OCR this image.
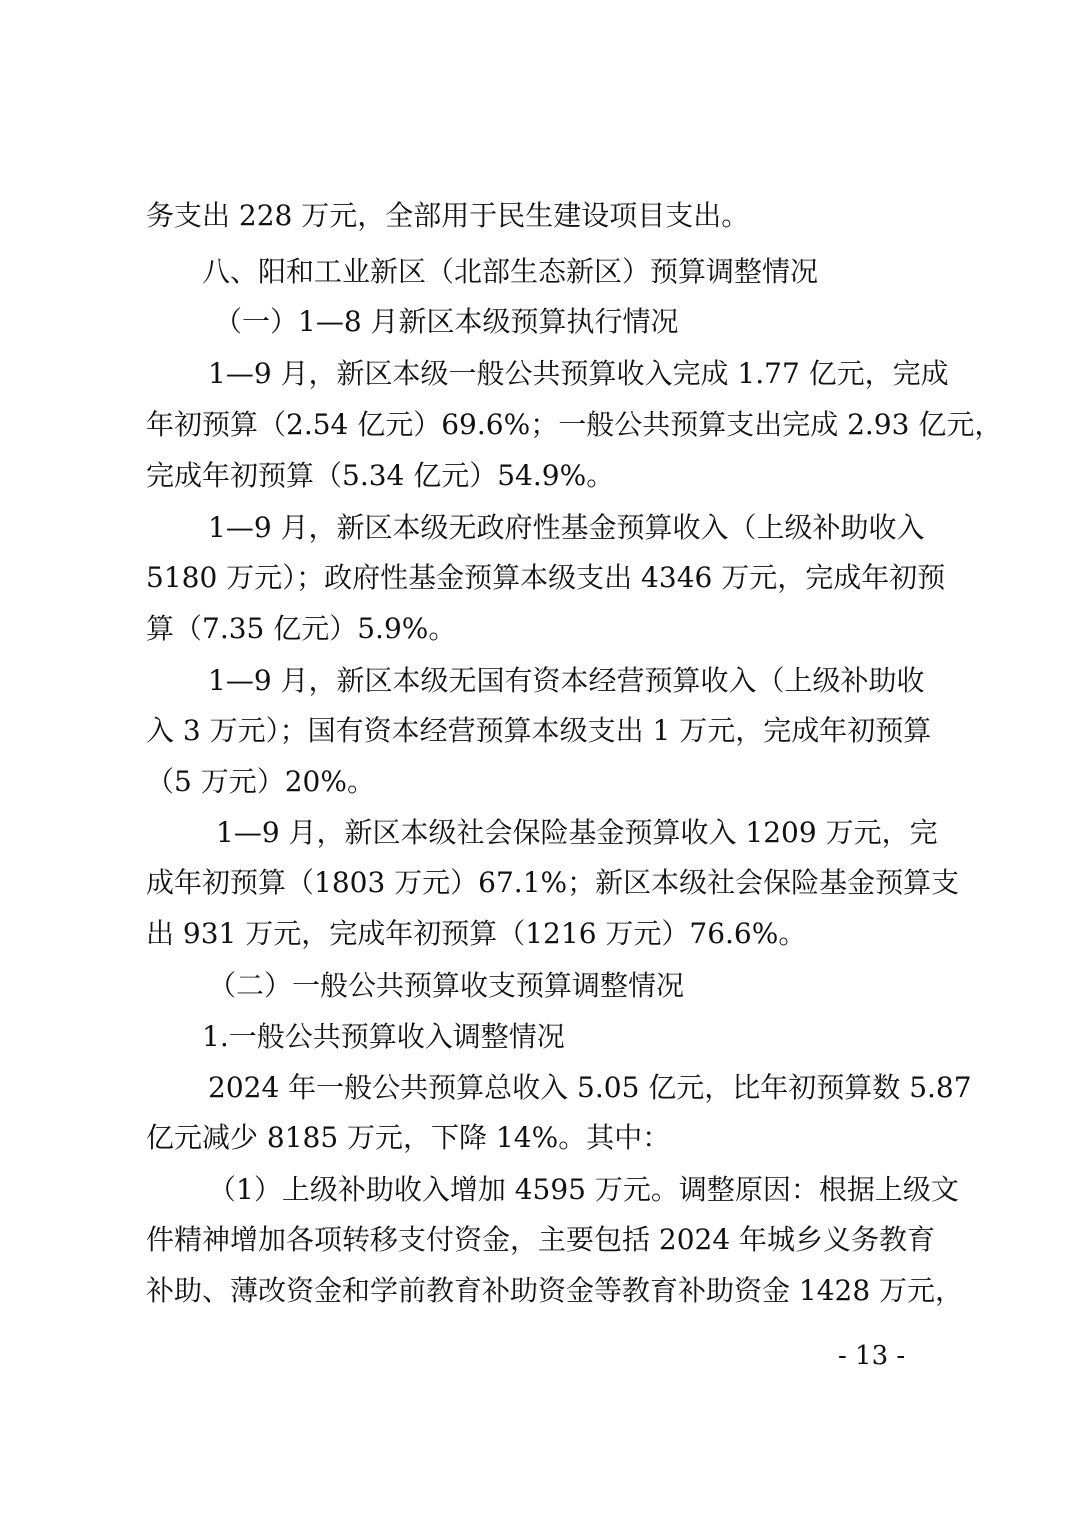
务支出 228 万元，全部用于民生建设项目支出。
八、阳和工业新区（北部生态新区）预算调整情况
（一）1—8 月新区本级预算执行情况
1—9 月，新区本级一般公共预算收入完成 1.77 亿元，完成
年初预算（2.54 亿元）69.6%；一般公共预算支出完成 2.93 亿元，
完成年初预算（5.34 亿元）54.9%。
1—9 月，新区本级无政府性基金预算收入（上级补助收入
5180 万元）；政府性基金预算本级支出 4346 万元，完成年初预
算（7.35 亿元）5.9%。
1—9 月，新区本级无国有资本经营预算收入（上级补助收
入 3 万元）；国有资本经营预算本级支出 1 万元，完成年初预算
（5 万元）20%。
1—9 月，新区本级社会保险基金预算收入 1209 万元，完
成年初预算（1803 万元）67.1%；新区本级社会保险基金预算支
出 931 万元，完成年初预算（1216 万元）76.6%。
（二）一般公共预算收支预算调整情况
1.一般公共预算收入调整情况
2024 年一般公共预算总收入 5.05 亿元，比年初预算数 5.87
亿元减少 8185 万元，下降 14%。其中：
（1）上级补助收入增加 4595 万元。调整原因：根据上级文
件精神增加各项转移支付资金，主要包括 2024 年城乡义务教育
补助、薄改资金和学前教育补助资金等教育补助资金 1428 万元，
- 13 -
